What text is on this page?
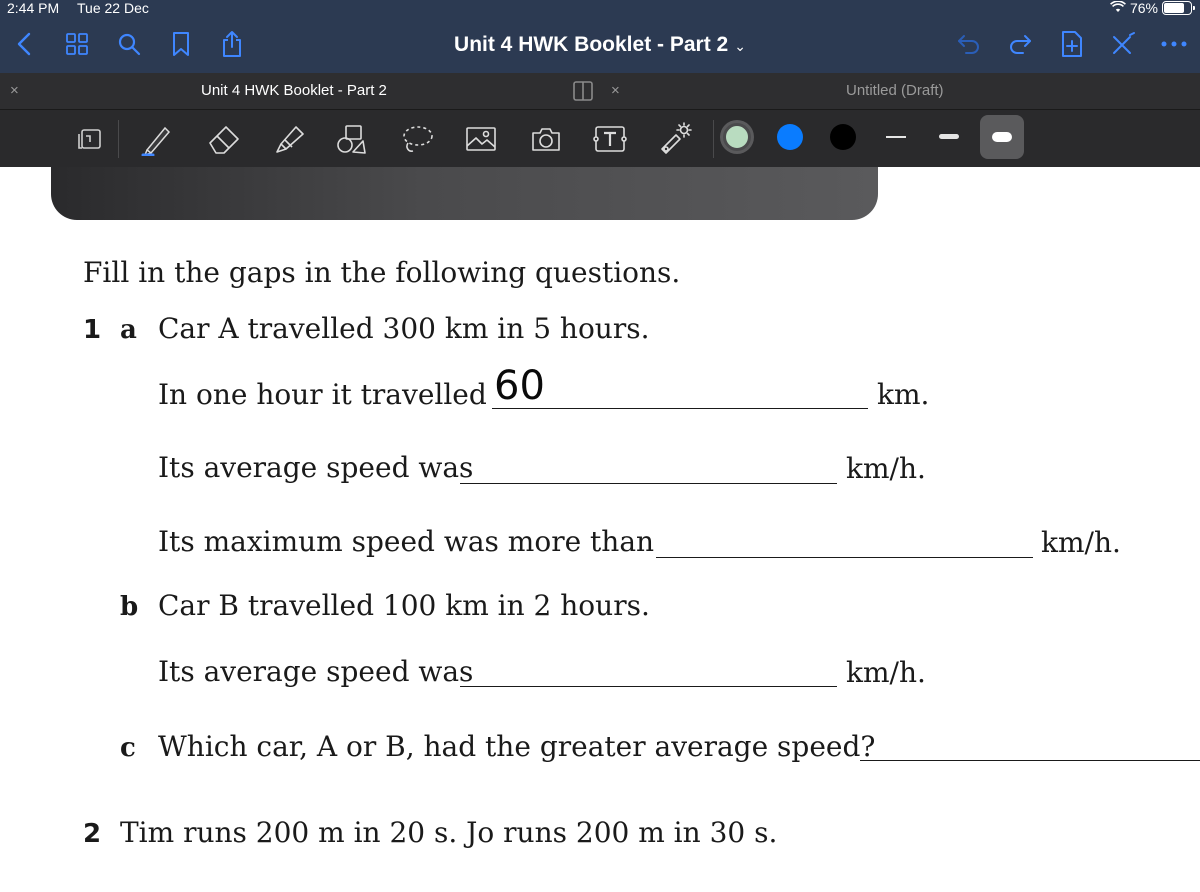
2:44 PM Tue 22 Dec	76%
Unit 4 HWK Booklet - Part 2 ⌄
×	Unit 4 HWK Booklet - Part 2	×	Untitled (Draft)
Fill in the gaps in the following questions.
1 a Car A travelled 300 km in 5 hours.
In one hour it travelled 60	km.
Its average speed was	km/h.
Its maximum speed was more than	km/h.
b Car B travelled 100 km in 2 hours.
Its average speed was	km/h.
c Which car, A or B, had the greater average speed?
2 Tim runs 200 m in 20 s. Jo runs 200 m in 30 s.
